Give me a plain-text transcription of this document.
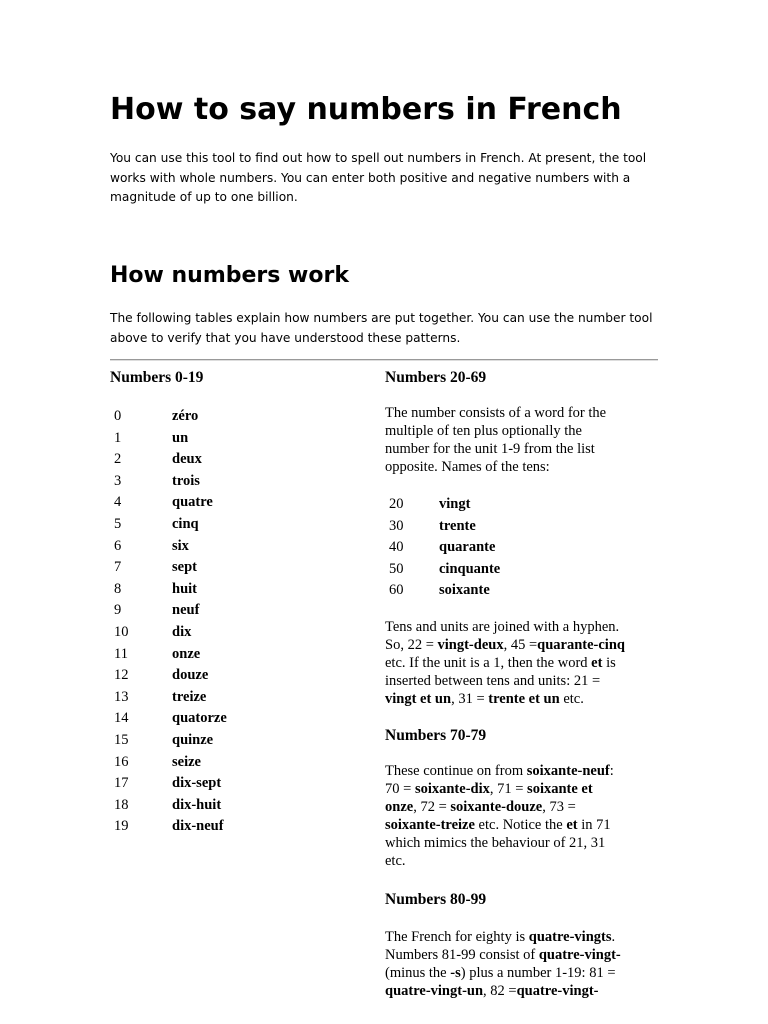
How to say numbers in French

You can use this tool to find out how to spell out numbers in French. At present, the tool works with whole numbers. You can enter both positive and negative numbers with a magnitude of up to one billion.

How numbers work

The following tables explain how numbers are put together. You can use the number tool above to verify that you have understood these patterns.

Numbers 0-19

0	zéro
1	un
2	deux
3	trois
4	quatre
5	cinq
6	six
7	sept
8	huit
9	neuf
10	dix
11	onze
12	douze
13	treize
14	quatorze
15	quinze
16	seize
17	dix-sept
18	dix-huit
19	dix-neuf

Numbers 20-69

The number consists of a word for the multiple of ten plus optionally the number for the unit 1-9 from the list opposite. Names of the tens:

20	vingt
30	trente
40	quarante
50	cinquante
60	soixante

Tens and units are joined with a hyphen. So, 22 = vingt-deux, 45 =quarante-cinq etc. If the unit is a 1, then the word et is inserted between tens and units: 21 = vingt et un, 31 = trente et un etc.

Numbers 70-79

These continue on from soixante-neuf: 70 = soixante-dix, 71 = soixante et onze, 72 = soixante-douze, 73 = soixante-treize etc. Notice the et in 71 which mimics the behaviour of 21, 31 etc.

Numbers 80-99

The French for eighty is quatre-vingts. Numbers 81-99 consist of quatre-vingt- (minus the -s) plus a number 1-19: 81 = quatre-vingt-un, 82 =quatre-vingt-
